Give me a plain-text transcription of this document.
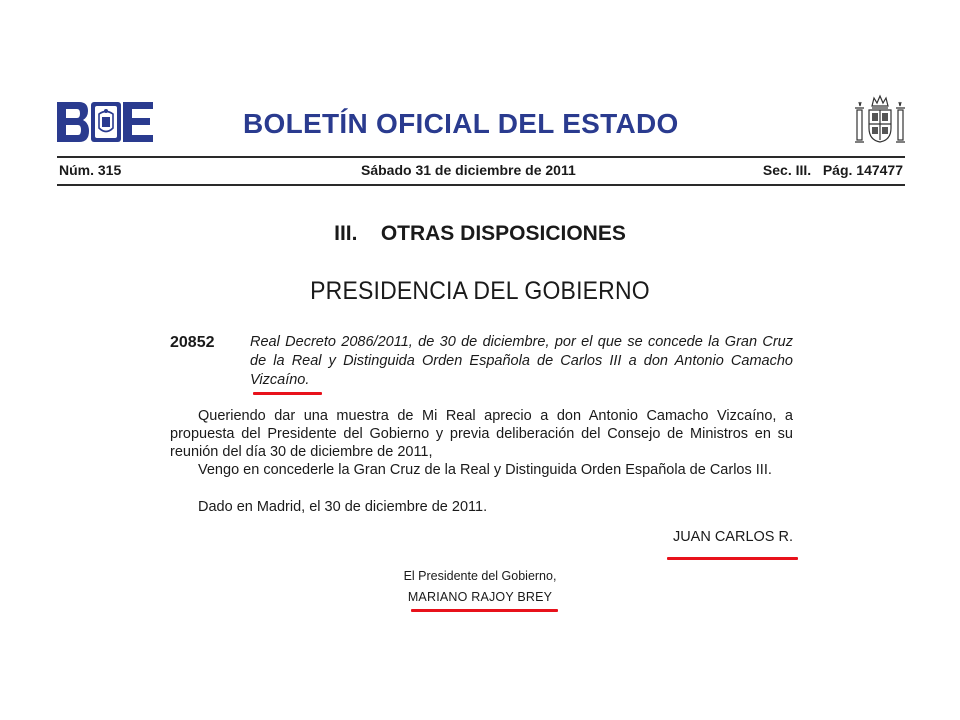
BOLETÍN OFICIAL DEL ESTADO
Núm. 315	Sábado 31 de diciembre de 2011	Sec. III.   Pág. 147477
III.    OTRAS DISPOSICIONES
PRESIDENCIA DEL GOBIERNO
20852 Real Decreto 2086/2011, de 30 de diciembre, por el que se concede la Gran Cruz de la Real y Distinguida Orden Española de Carlos III a don Antonio Camacho Vizcaíno.

Queriendo dar una muestra de Mi Real aprecio a don Antonio Camacho Vizcaíno, a propuesta del Presidente del Gobierno y previa deliberación del Consejo de Ministros en su reunión del día 30 de diciembre de 2011,

Vengo en concederle la Gran Cruz de la Real y Distinguida Orden Española de Carlos III.

Dado en Madrid, el 30 de diciembre de 2011.
JUAN CARLOS R.
El Presidente del Gobierno,
MARIANO RAJOY BREY
